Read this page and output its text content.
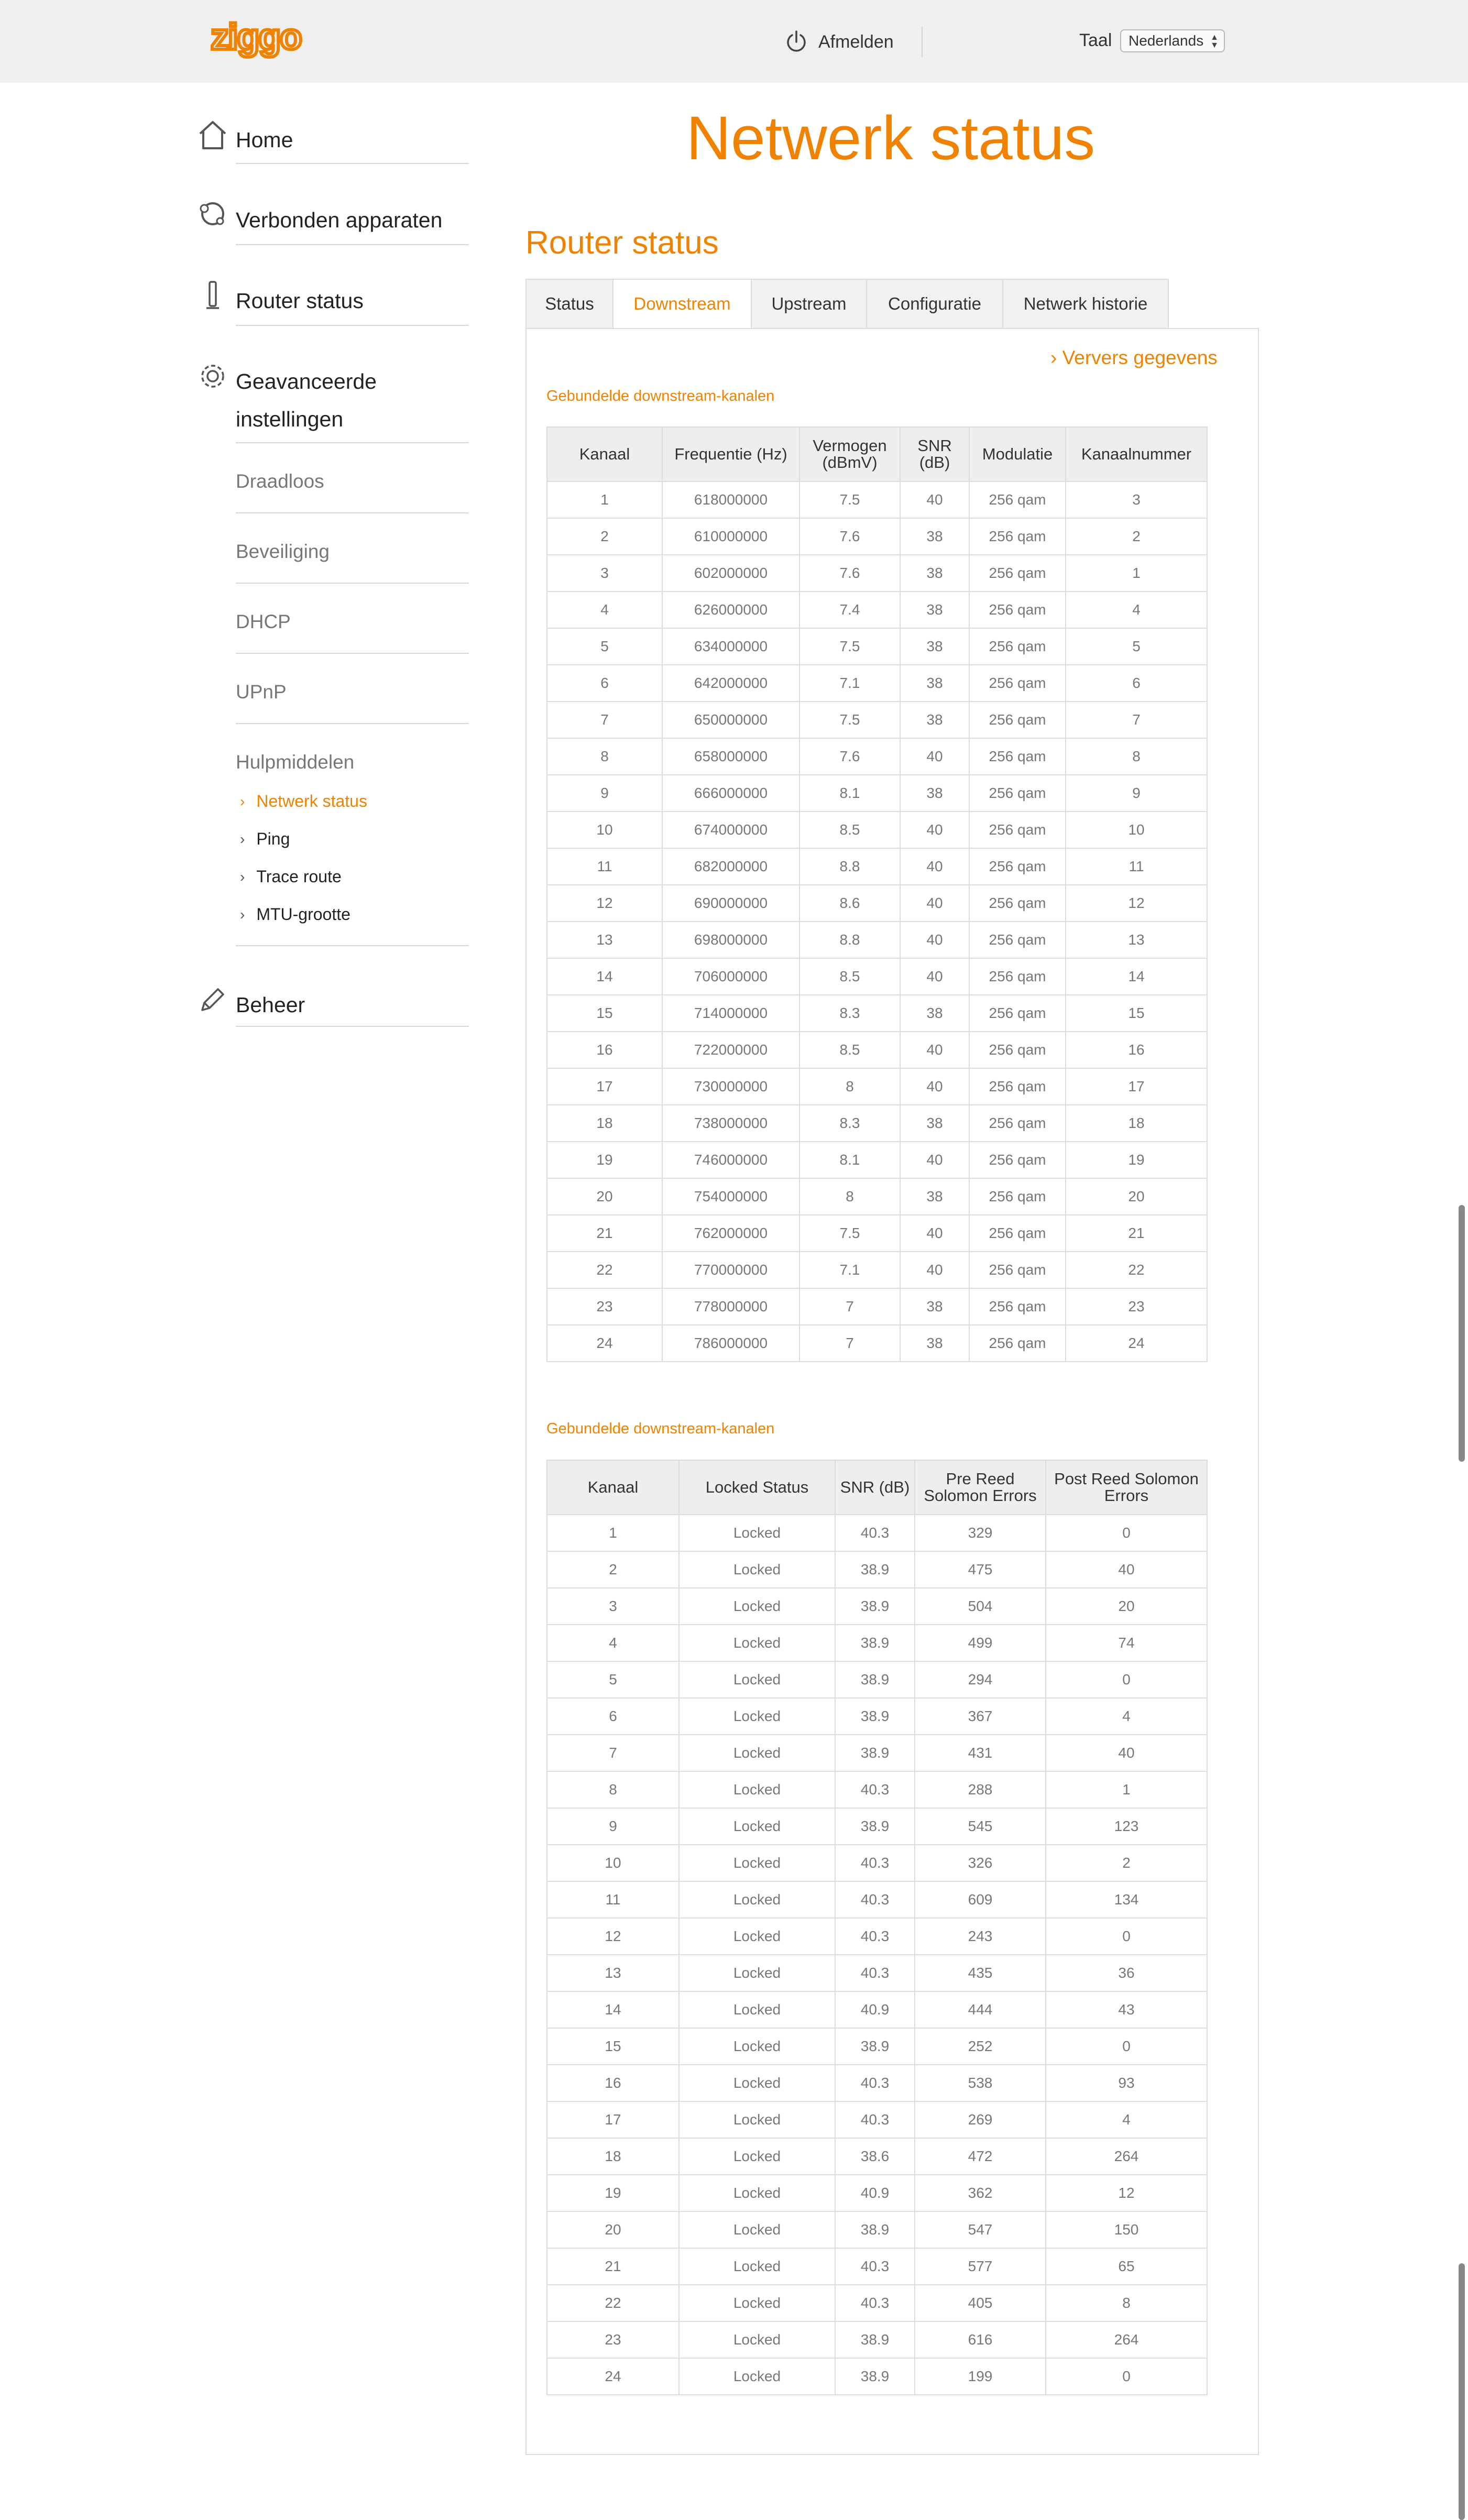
ziggo	Afmelden	Taal Nederlands ▲
▼
Home
Verbonden apparaten
Router status
Geavanceerde instellingen
Draadloos
Beveiliging
DHCP
UPnP
Hulpmiddelen
› Netwerk status
› Ping
› Trace route
› MTU-grootte
Beheer
Netwerk status
Router status
Status	Downstream	Upstream	Configuratie	Netwerk historie
› Ververs gegevens
Gebundelde downstream-kanalen
Kanaal	Frequentie (Hz)	Vermogen (dBmV)	SNR (dB)	Modulatie	Kanaalnummer
1	618000000	7.5	40	256 qam	3
2	610000000	7.6	38	256 qam	2
3	602000000	7.6	38	256 qam	1
4	626000000	7.4	38	256 qam	4
5	634000000	7.5	38	256 qam	5
6	642000000	7.1	38	256 qam	6
7	650000000	7.5	38	256 qam	7
8	658000000	7.6	40	256 qam	8
9	666000000	8.1	38	256 qam	9
10	674000000	8.5	40	256 qam	10
11	682000000	8.8	40	256 qam	11
12	690000000	8.6	40	256 qam	12
13	698000000	8.8	40	256 qam	13
14	706000000	8.5	40	256 qam	14
15	714000000	8.3	38	256 qam	15
16	722000000	8.5	40	256 qam	16
17	730000000	8	40	256 qam	17
18	738000000	8.3	38	256 qam	18
19	746000000	8.1	40	256 qam	19
20	754000000	8	38	256 qam	20
21	762000000	7.5	40	256 qam	21
22	770000000	7.1	40	256 qam	22
23	778000000	7	38	256 qam	23
24	786000000	7	38	256 qam	24
Gebundelde downstream-kanalen
Kanaal	Locked Status	SNR (dB)	Pre Reed Solomon Errors	Post Reed Solomon Errors
1	Locked	40.3	329	0
2	Locked	38.9	475	40
3	Locked	38.9	504	20
4	Locked	38.9	499	74
5	Locked	38.9	294	0
6	Locked	38.9	367	4
7	Locked	38.9	431	40
8	Locked	40.3	288	1
9	Locked	38.9	545	123
10	Locked	40.3	326	2
11	Locked	40.3	609	134
12	Locked	40.3	243	0
13	Locked	40.3	435	36
14	Locked	40.9	444	43
15	Locked	38.9	252	0
16	Locked	40.3	538	93
17	Locked	40.3	269	4
18	Locked	38.6	472	264
19	Locked	40.9	362	12
20	Locked	38.9	547	150
21	Locked	40.3	577	65
22	Locked	40.3	405	8
23	Locked	38.9	616	264
24	Locked	38.9	199	0
